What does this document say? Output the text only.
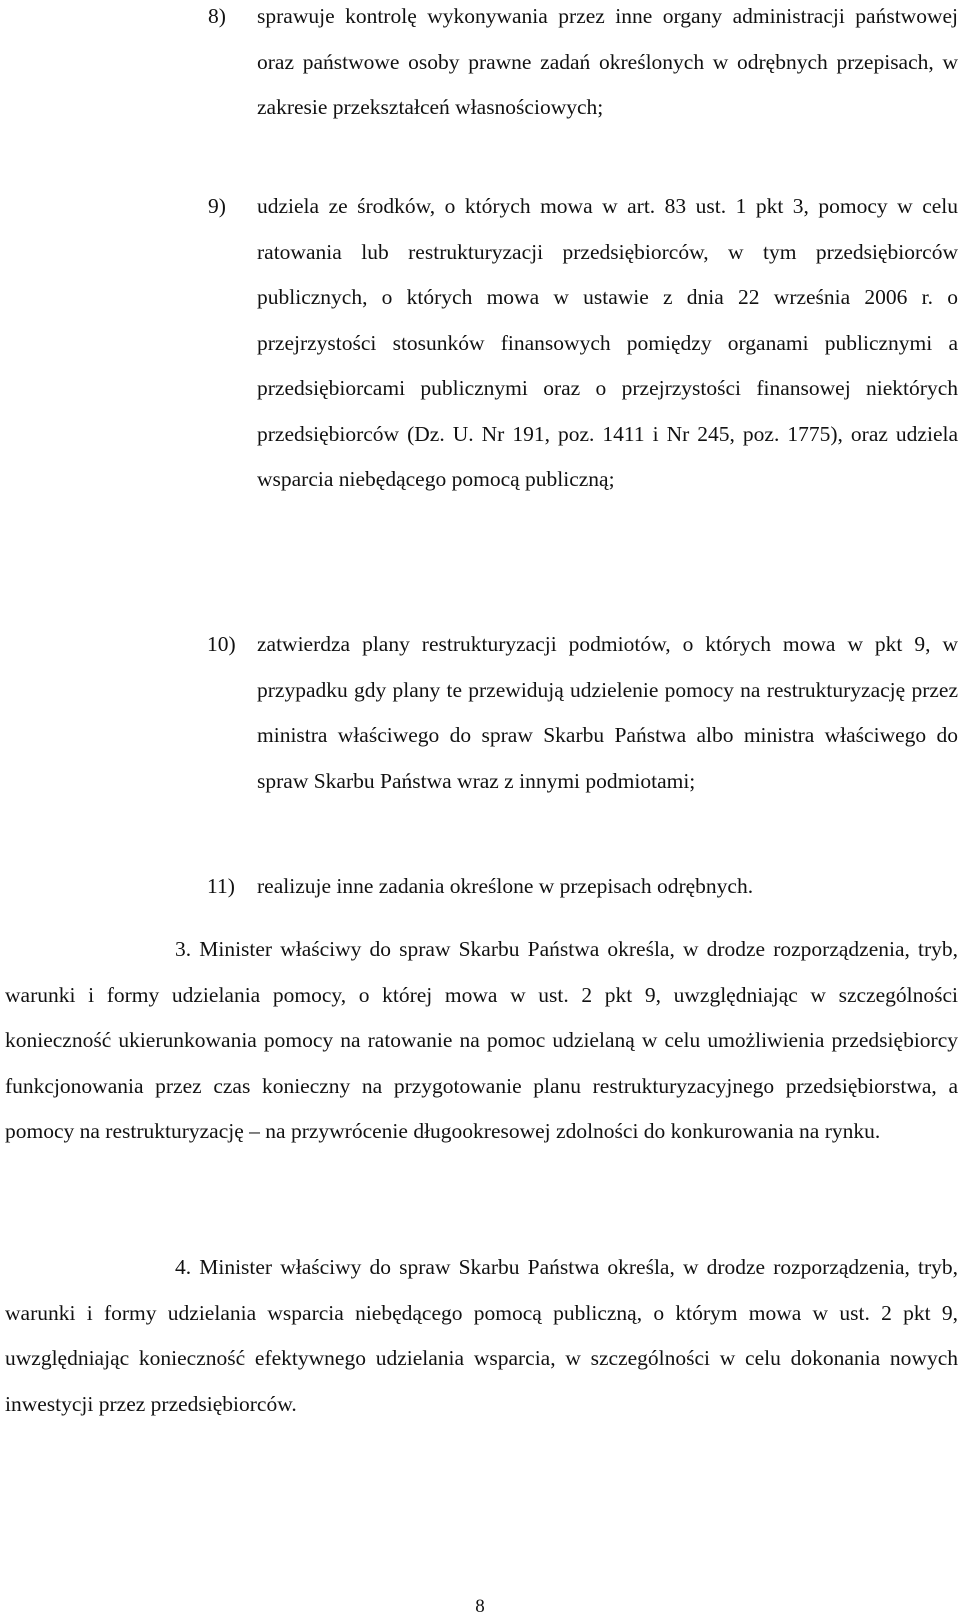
8) sprawuje kontrolę wykonywania przez inne organy administracji państwowej oraz państwowe osoby prawne zadań określonych w odrębnych przepisach, w zakresie przekształceń własnościowych;
9) udziela ze środków, o których mowa w art. 83 ust. 1 pkt 3, pomocy w celu ratowania lub restrukturyzacji przedsiębiorców, w tym przedsiębiorców publicznych, o których mowa w ustawie z dnia 22 września 2006 r. o przejrzystości stosunków finansowych pomiędzy organami publicznymi a przedsiębiorcami publicznymi oraz o przejrzystości finansowej niektórych przedsiębiorców (Dz. U. Nr 191, poz. 1411 i Nr 245, poz. 1775), oraz udziela wsparcia niebędącego pomocą publiczną;
10) zatwierdza plany restrukturyzacji podmiotów, o których mowa w pkt 9, w przypadku gdy plany te przewidują udzielenie pomocy na restrukturyzację przez ministra właściwego do spraw Skarbu Państwa albo ministra właściwego do spraw Skarbu Państwa wraz z innymi podmiotami;
11) realizuje inne zadania określone w przepisach odrębnych.
3. Minister właściwy do spraw Skarbu Państwa określa, w drodze rozporządzenia, tryb, warunki i formy udzielania pomocy, o której mowa w ust. 2 pkt 9, uwzględniając w szczególności konieczność ukierunkowania pomocy na ratowanie na pomoc udzielaną w celu umożliwienia przedsiębiorcy funkcjonowania przez czas konieczny na przygotowanie planu restrukturyzacyjnego przedsiębiorstwa, a pomocy na restrukturyzację – na przywrócenie długookresowej zdolności do konkurowania na rynku.
4. Minister właściwy do spraw Skarbu Państwa określa, w drodze rozporządzenia, tryb, warunki i formy udzielania wsparcia niebędącego pomocą publiczną, o którym mowa w ust. 2 pkt 9, uwzględniając konieczność efektywnego udzielania wsparcia, w szczególności w celu dokonania nowych inwestycji przez przedsiębiorców.
8
